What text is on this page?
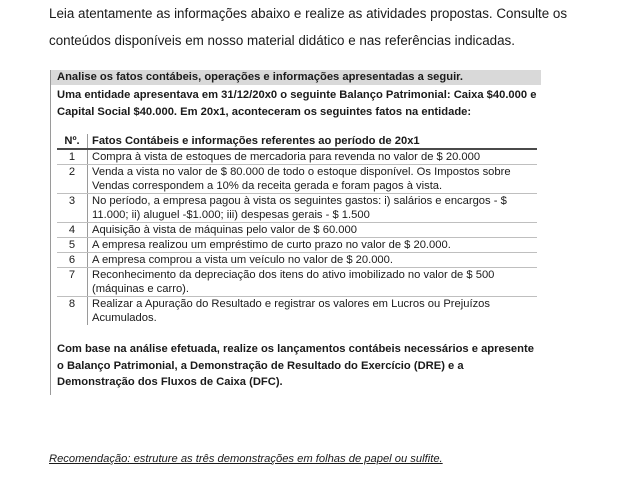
Leia atentamente as informações abaixo e realize as atividades propostas. Consulte os conteúdos disponíveis em nosso material didático e nas referências indicadas.
Analise os fatos contábeis, operações e informações apresentadas a seguir.
Uma entidade apresentava em 31/12/20x0 o seguinte Balanço Patrimonial: Caixa $40.000 e Capital Social $40.000. Em 20x1, aconteceram os seguintes fatos na entidade:
Nº.	Fatos Contábeis e informações referentes ao período de 20x1
1	Compra à vista de estoques de mercadoria para revenda no valor de $ 20.000
2	Venda a vista no valor de $ 80.000 de todo o estoque disponível. Os Impostos sobre Vendas correspondem a 10% da receita gerada e foram pagos à vista.
3	No período, a empresa pagou à vista os seguintes gastos: i) salários e encargos - $ 11.000; ii) aluguel -$1.000; iii) despesas gerais - $ 1.500
4	Aquisição à vista de máquinas pelo valor de $ 60.000
5	A empresa realizou um empréstimo de curto prazo no valor de $ 20.000.
6	A empresa comprou a vista um veículo no valor de $ 20.000.
7	Reconhecimento da depreciação dos itens do ativo imobilizado no valor de $ 500 (máquinas e carro).
8	Realizar a Apuração do Resultado e registrar os valores em Lucros ou Prejuízos Acumulados.
Com base na análise efetuada, realize os lançamentos contábeis necessários e apresente o Balanço Patrimonial, a Demonstração de Resultado do Exercício (DRE) e a Demonstração dos Fluxos de Caixa (DFC).
Recomendação: estruture as três demonstrações em folhas de papel ou sulfite.
